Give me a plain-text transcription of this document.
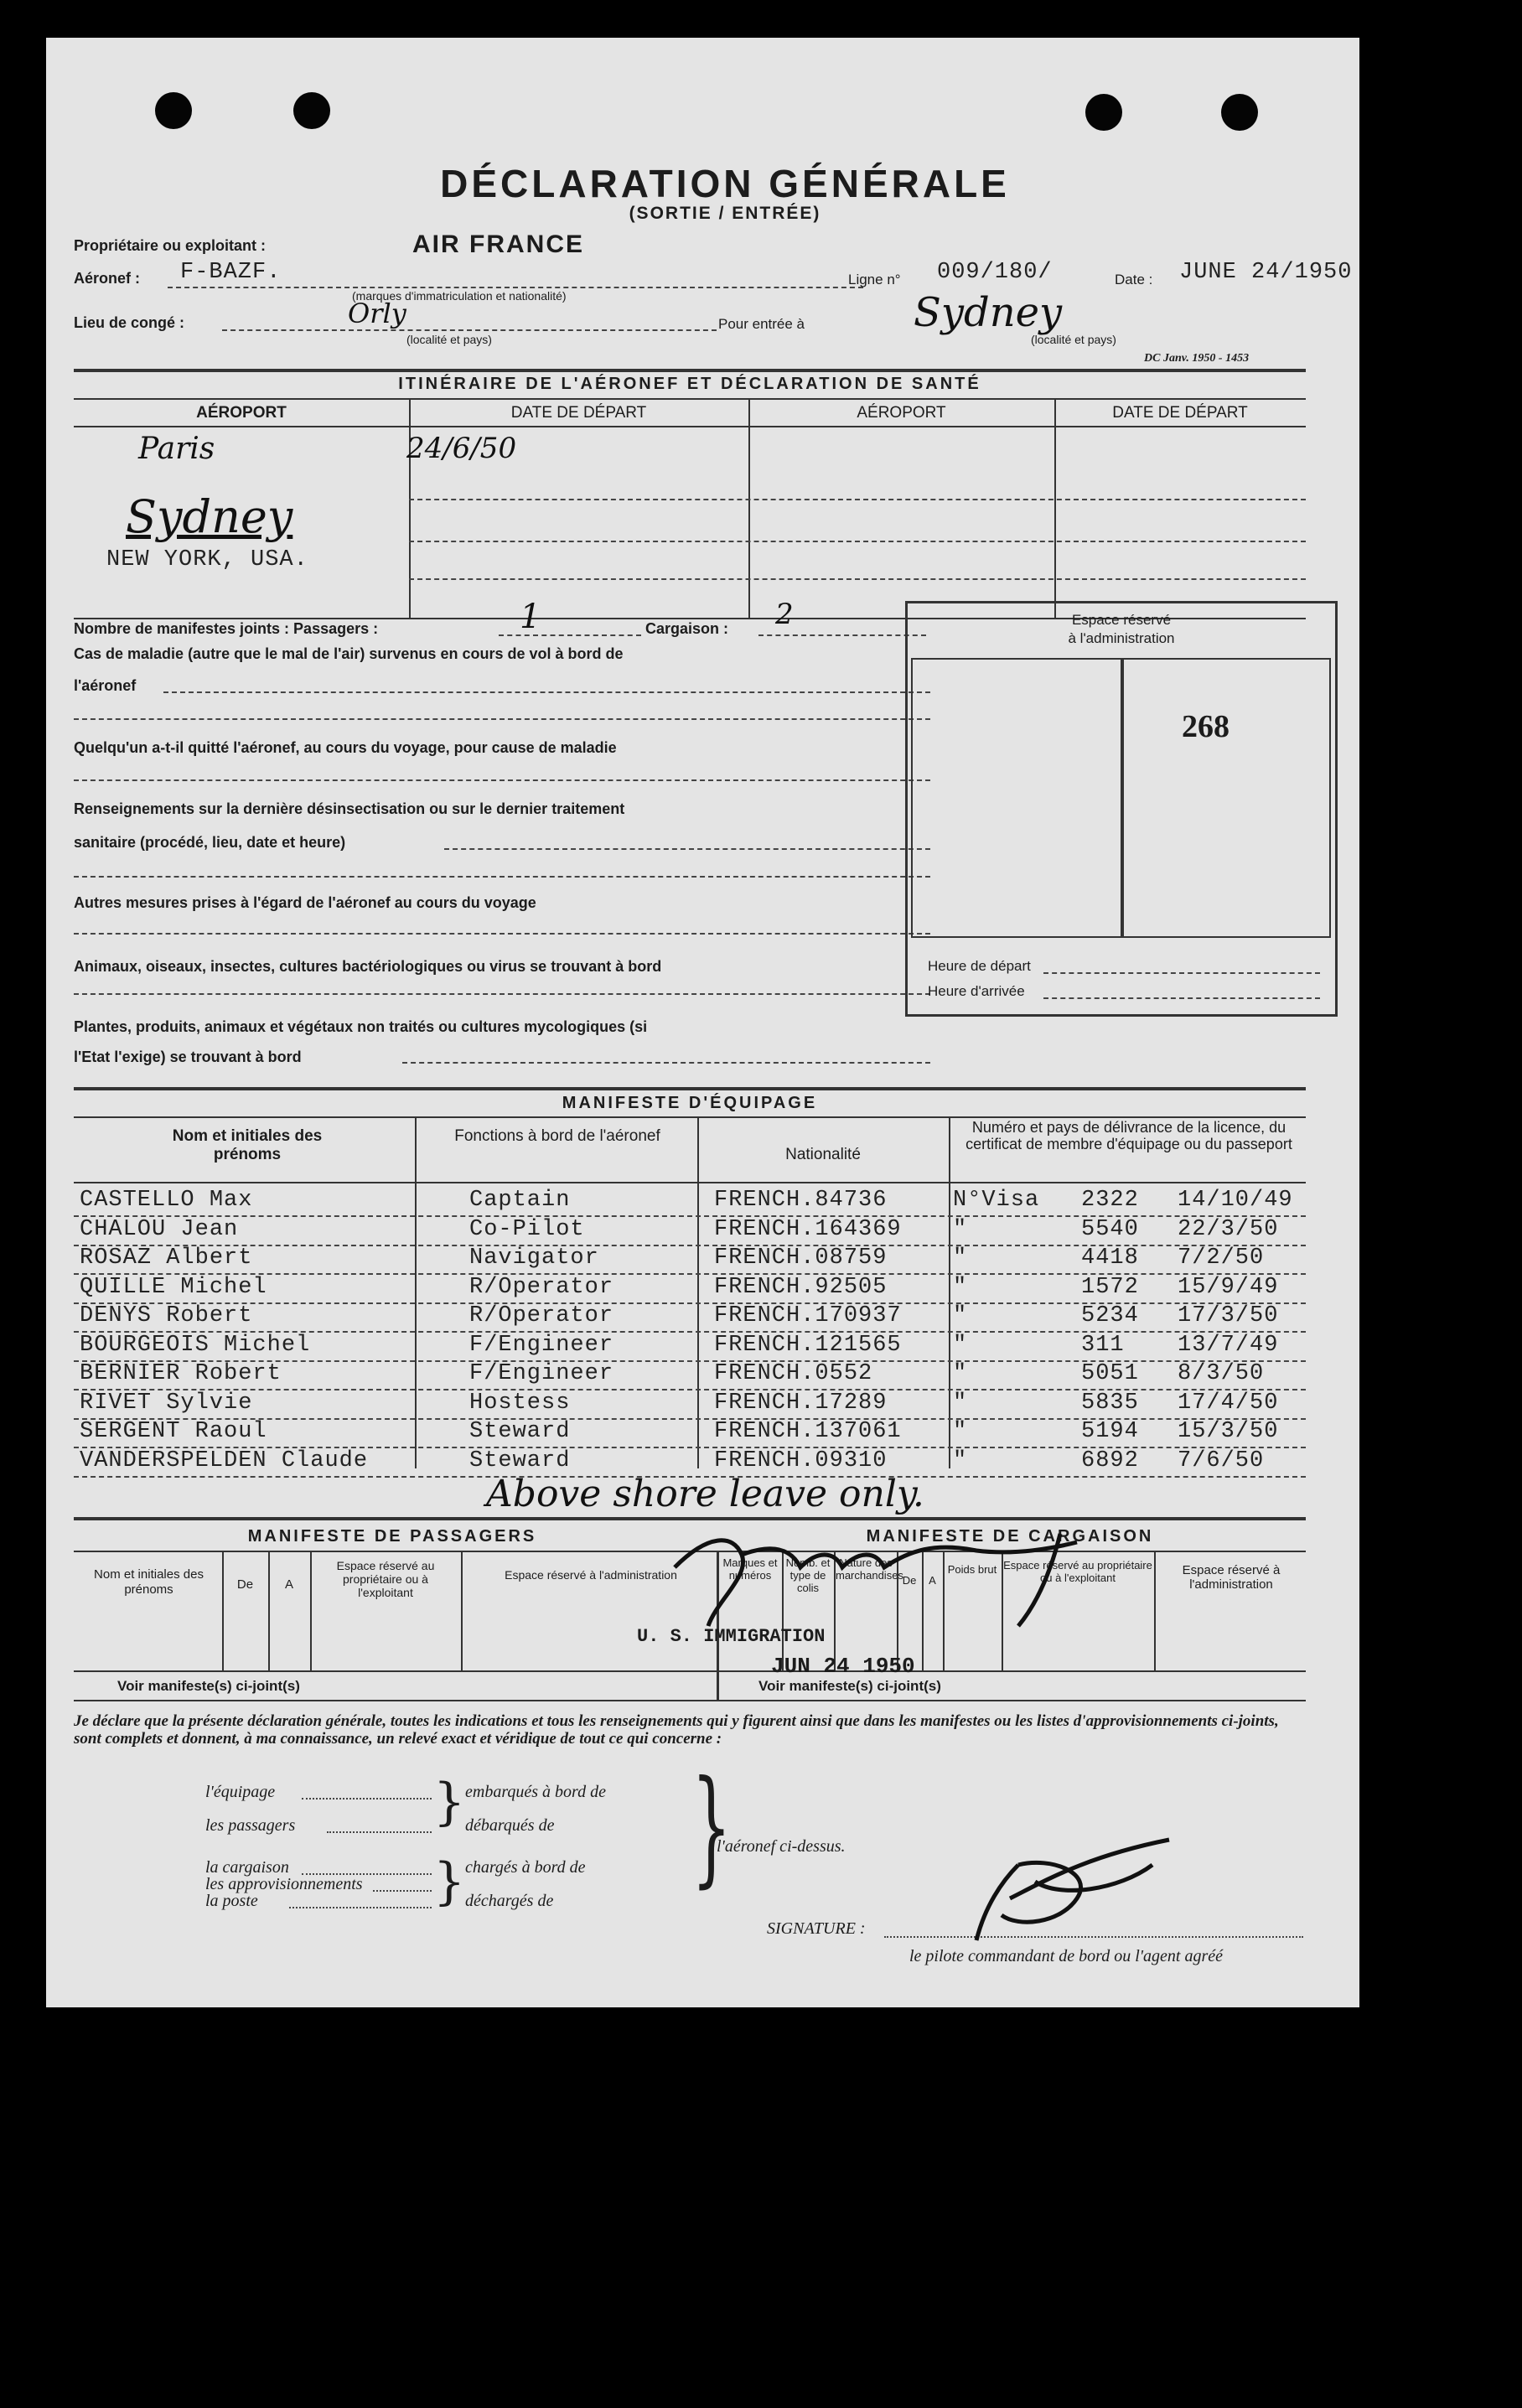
DÉCLARATION GÉNÉRALE
(SORTIE / ENTRÉE)
Propriétaire ou exploitant :	AIR FRANCE
Aéronef : F-BAZF.
(marques d'immatriculation et nationalité)
Ligne n° 009/180/	Date : JUNE 24/1950
Lieu de congé :	Orly
(localité et pays)
Pour entrée à	Sydney
(localité et pays)
DC Janv. 1950 - 1453
ITINÉRAIRE DE L'AÉRONEF ET DÉCLARATION DE SANTÉ
AÉROPORT	DATE DE DÉPART	AÉROPORT	DATE DE DÉPART
Paris
Sydney
NEW YORK, USA.
24/6/50
Nombre de manifestes joints : Passagers :	1	Cargaison : 2
Cas de maladie (autre que le mal de l'air) survenus en cours de vol à bord de
l'aéronef
Quelqu'un a-t-il quitté l'aéronef, au cours du voyage, pour cause de maladie
Renseignements sur la dernière désinsectisation ou sur le dernier traitement
sanitaire (procédé, lieu, date et heure)
Autres mesures prises à l'égard de l'aéronef au cours du voyage
Animaux, oiseaux, insectes, cultures bactériologiques ou virus se trouvant à bord
Plantes, produits, animaux et végétaux non traités ou cultures mycologiques (si
l'Etat l'exige) se trouvant à bord
Espace réservé
à l'administration
268
Heure de départ
Heure d'arrivée
MANIFESTE D'ÉQUIPAGE
Nom et initiales des prénoms
Fonctions à bord de l'aéronef
Nationalité
Numéro et pays de délivrance de la licence, du certificat de membre d'équipage ou du passeport
CASTELLO Max	Captain	FRENCH.84736	N°Visa 2322 14/10/49
CHALOU Jean	Co-Pilot	FRENCH.164369 "	5540 22/3/50
ROSAZ Albert	Navigator	FRENCH.08759	"	4418 7/2/50
QUILLE Michel	R/Operator	FRENCH.92505	"	1572 15/9/49
DENYS Robert	R/Operator	FRENCH.170937 "	5234 17/3/50
BOURGEOIS Michel	F/Engineer	FRENCH.121565 "	311 13/7/49
BERNIER Robert	F/Engineer	FRENCH.0552	"	5051 8/3/50
RIVET Sylvie	Hostess	FRENCH.17289	"	5835 17/4/50
SERGENT Raoul	Steward	FRENCH.137061 "	5194 15/3/50
VANDERSPELDEN Claude	Steward	FRENCH.09310	"	6892 7/6/50
Above shore leave only.
MANIFESTE DE PASSAGERS	MANIFESTE DE CARGAISON
Nom et initiales des prénoms	De	A
Espace réservé au propriétaire ou à l'exploitant
Espace réservé à l'administration
Voir manifeste(s) ci-joint(s)
Marques et numéros
Nomb. et type de colis
Nature des marchandises
De	A
Poids brut Espace réservé au propriétaire ou à l'exploitant
Espace réservé à l'administration
Voir manifeste(s) ci-joint(s)
U. S. IMMIGRATION
JUN 24 1950
Je déclare que la présente déclaration générale, toutes les indications et tous les renseignements qui y figurent ainsi que dans les manifestes ou les listes d'approvisionnements ci-joints, sont complets et donnent, à ma connaissance, un relevé exact et véridique de tout ce qui concerne :
l'équipage
les passagers
la cargaison
les approvisionnements
la poste
}
}
embarqués à bord de
débarqués de
chargés à bord de
déchargés de
}
l'aéronef ci-dessus.
SIGNATURE :
le pilote commandant de bord ou l'agent agréé
